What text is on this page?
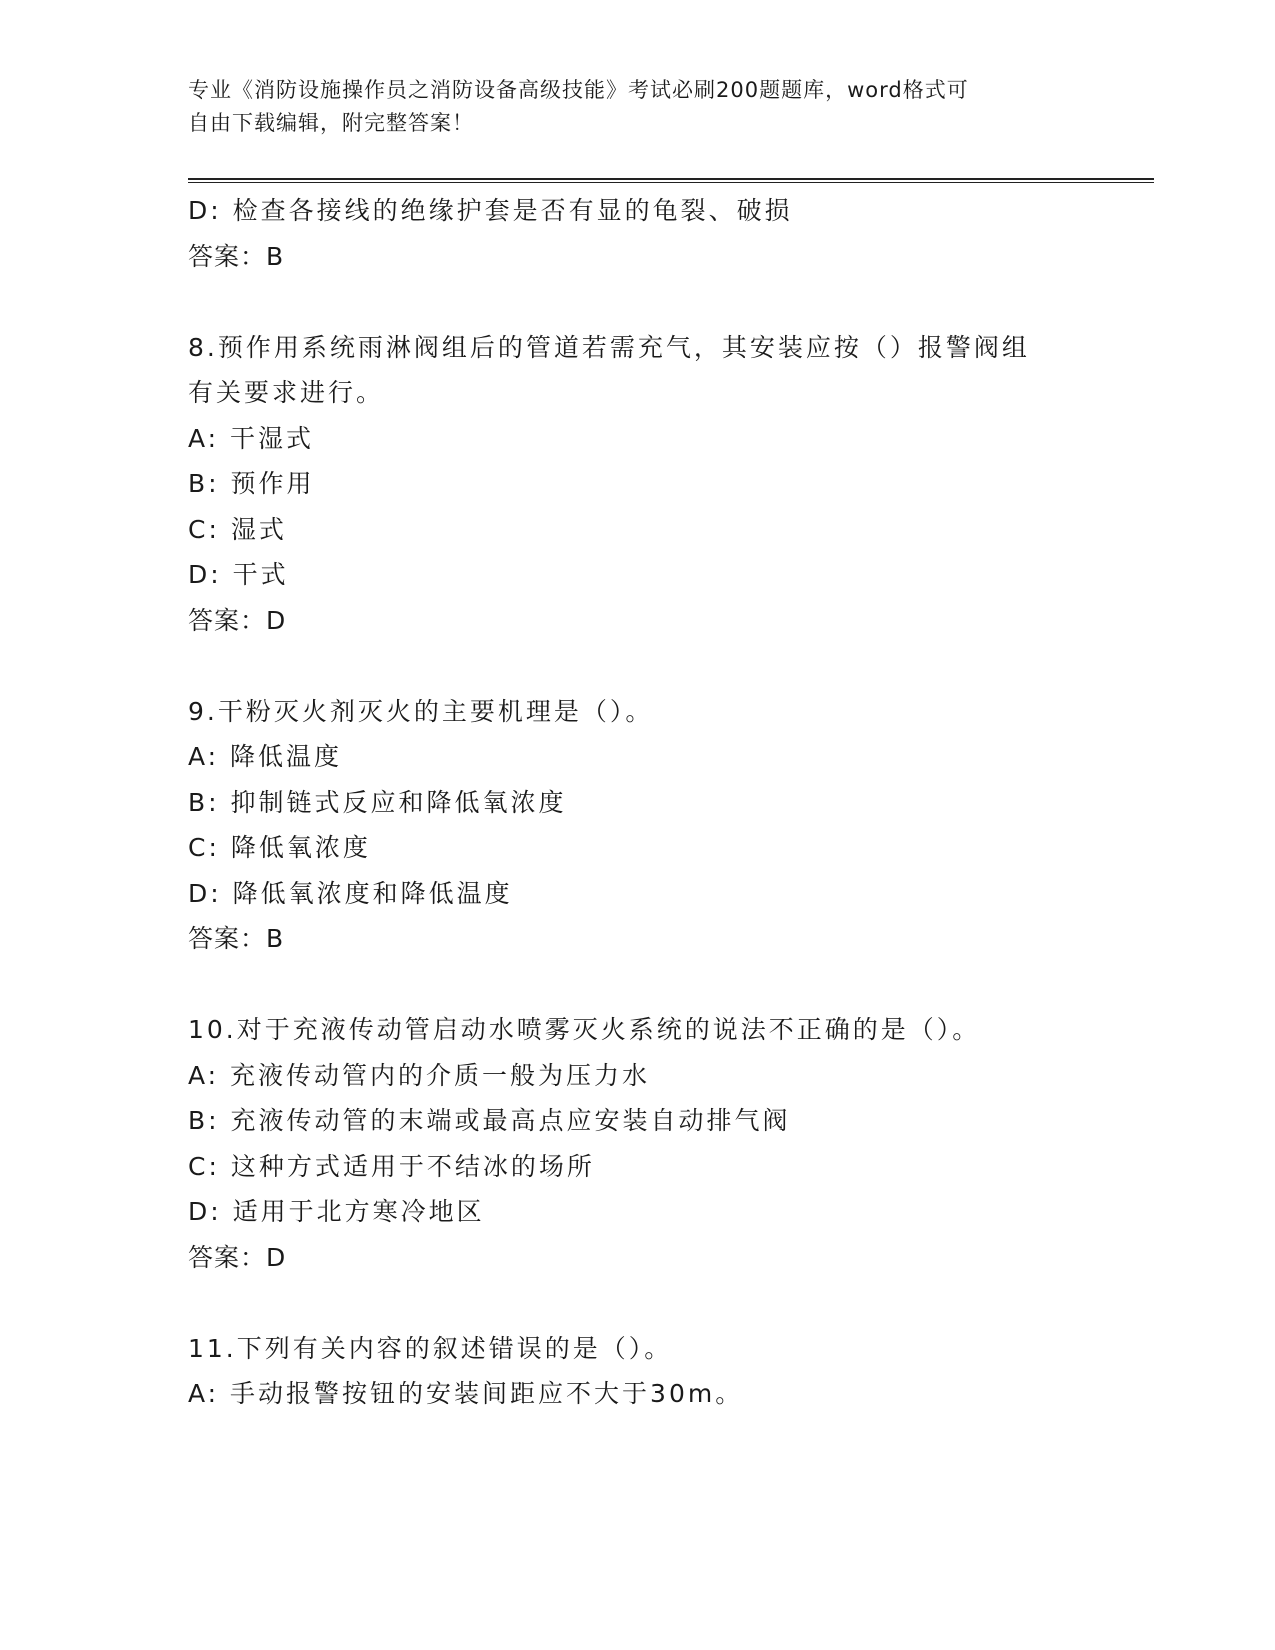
专业《消防设施操作员之消防设备高级技能》考试必刷200题题库，word格式可
自由下载编辑，附完整答案！
D: 检查各接线的绝缘护套是否有显的龟裂、破损
答案：B
8.预作用系统雨淋阀组后的管道若需充气，其安装应按（）报警阀组
有关要求进行。
A: 干湿式
B: 预作用
C: 湿式
D: 干式
答案：D
9.干粉灭火剂灭火的主要机理是（）。
A: 降低温度
B: 抑制链式反应和降低氧浓度
C: 降低氧浓度
D: 降低氧浓度和降低温度
答案：B
10.对于充液传动管启动水喷雾灭火系统的说法不正确的是（）。
A: 充液传动管内的介质一般为压力水
B: 充液传动管的末端或最高点应安装自动排气阀
C: 这种方式适用于不结冰的场所
D: 适用于北方寒冷地区
答案：D
11.下列有关内容的叙述错误的是（）。
A: 手动报警按钮的安装间距应不大于30m。
